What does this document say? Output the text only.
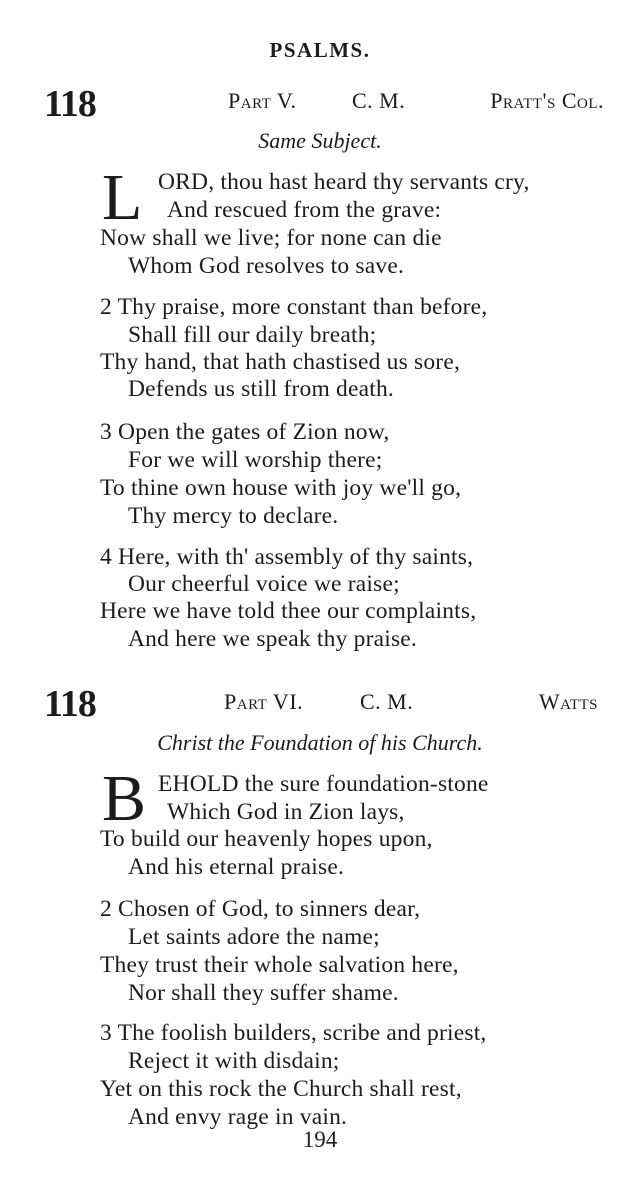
PSALMS.
118	Part V.	C. M.	Pratt's Col.
Same Subject.
L ORD, thou hast heard thy servants cry,
And rescued from the grave:
Now shall we live; for none can die
Whom God resolves to save.
2 Thy praise, more constant than before,
Shall fill our daily breath;
Thy hand, that hath chastised us sore,
Defends us still from death.
3 Open the gates of Zion now,
For we will worship there;
To thine own house with joy we'll go,
Thy mercy to declare.
4 Here, with th' assembly of thy saints,
Our cheerful voice we raise;
Here we have told thee our complaints,
And here we speak thy praise.
118	Part VI.	C. M.	Watts
Christ the Foundation of his Church.
B EHOLD the sure foundation-stone
Which God in Zion lays,
To build our heavenly hopes upon,
And his eternal praise.
2 Chosen of God, to sinners dear,
Let saints adore the name;
They trust their whole salvation here,
Nor shall they suffer shame.
3 The foolish builders, scribe and priest,
Reject it with disdain;
Yet on this rock the Church shall rest,
And envy rage in vain.
194
